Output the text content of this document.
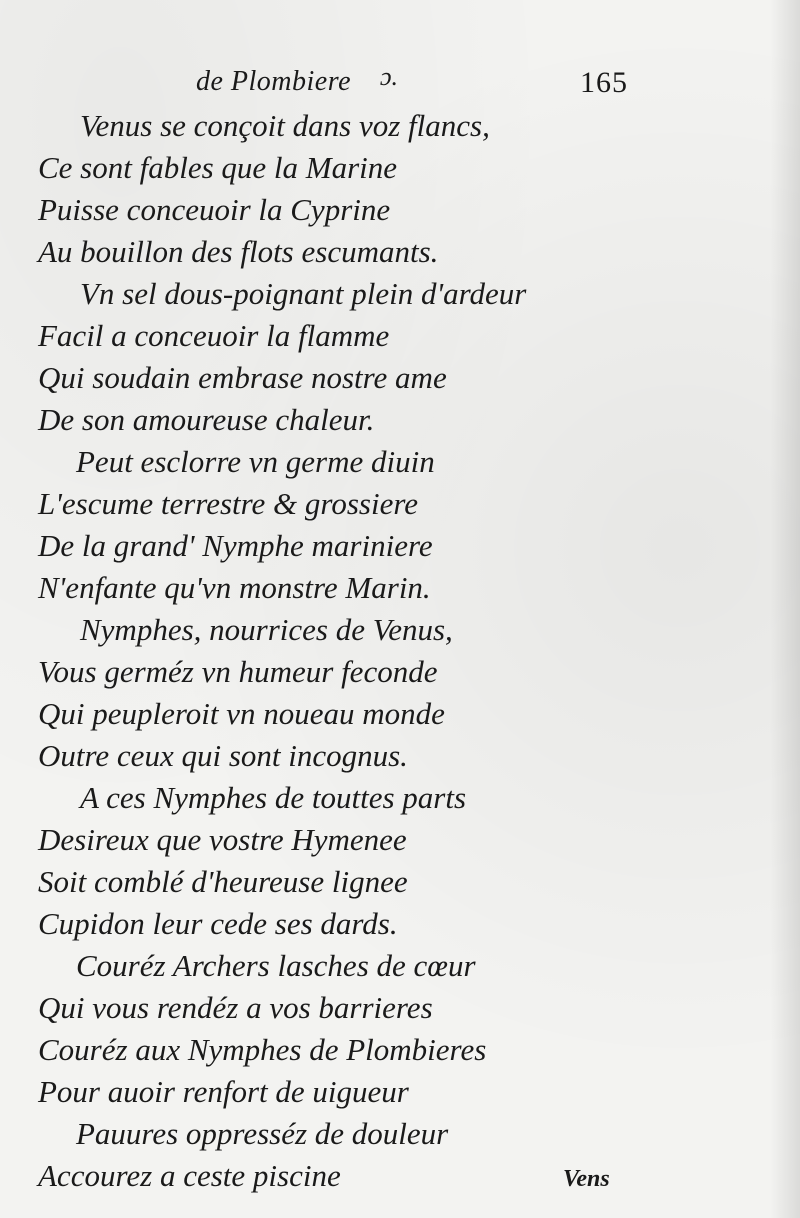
de Plombiere ɔ.	165
Venus se conçoit dans voz flancs,
Ce sont fables que la Marine
Puisse conceuoir la Cyprine
Au bouillon des flots escumants.
Vn sel dous-poignant plein d'ardeur
Facil a conceuoir la flamme
Qui soudain embrase nostre ame
De son amoureuse chaleur.
Peut esclorre vn germe diuin
L'escume terrestre & grossiere
De la grand' Nymphe mariniere
N'enfante qu'vn monstre Marin.
Nymphes, nourrices de Venus,
Vous germéz vn humeur feconde
Qui peupleroit vn noueau monde
Outre ceux qui sont incognus.
A ces Nymphes de touttes parts
Desireux que vostre Hymenee
Soit comblé d'heureuse lignee
Cupidon leur cede ses dards.
Couréz Archers lasches de cœur
Qui vous rendéz a vos barrieres
Couréz aux Nymphes de Plombieres
Pour auoir renfort de uigueur
Pauures oppresséz de douleur
Accourez a ceste piscine	Vens
